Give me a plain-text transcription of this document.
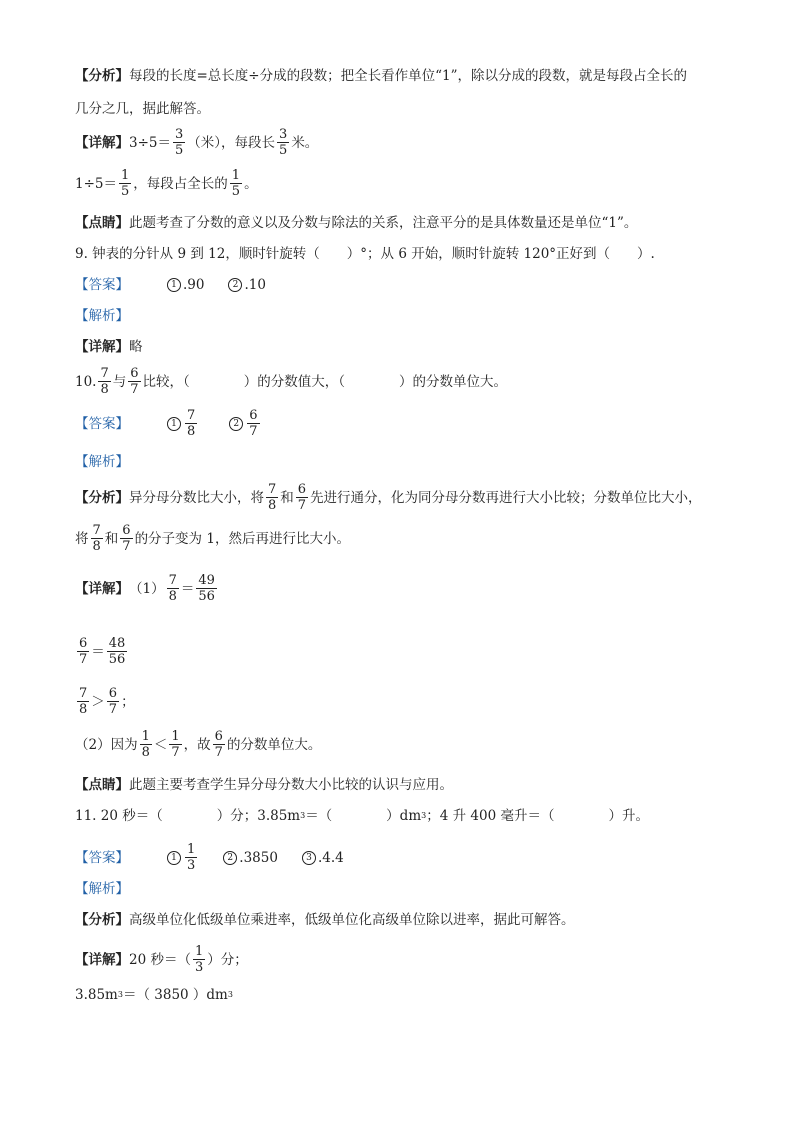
【分析】 每段的长度=总长度÷分成的段数；把全长看作单位“1”，除以分成的段数，就是每段占全长的
几分之几，据此解答。
【详解】 $3\div 5= \frac{3}{5}$ （米），每段长 $\frac{3}{5}$ 米。
$1\div 5= \frac{1}{5}$ ，每段占全长的 $\frac{1}{5}$ 。
【点睛】 此题考查了分数的意义以及分数与除法的关系，注意平分的是具体数量还是单位“1”。
9. 钟表的分针从 9 到 12，顺时针旋转（　　）°；从 6 开始，顺时针旋转 120°正好到（　　）.
【答案】	1 .90	2 .10
【解析】
【详解】 略
10. $\frac{7}{8}$ 与 $\frac{6}{7}$ 比较，（　　　　）的分数值大，（　　　　）的分数单位大。
【答案】	$1 \frac{7}{8}$	$2 \frac{6}{7}$
【解析】
【分析】 异分母分数比大小，将 $\frac{7}{8}$ 和 $\frac{6}{7}$ 先进行通分，化为同分母分数再进行大小比较；分数单位比大小，
将 $\frac{7}{8}$ 和 $\frac{6}{7}$ 的分子变为 1，然后再进行比大小。
【详解】 $(1) \frac{7}{8} = \frac{49}{56}$
$\frac{6}{7} = \frac{48}{56}$
$\frac{7}{8} > \frac{6}{7}$ ；
（2）因为 $\frac{1}{8} < \frac{1}{7}$ ，故 $\frac{6}{7}$ 的分数单位大。
【点睛】 此题主要考查学生异分母分数大小比较的认识与应用。
11. 20 秒＝（　　　　）分；3.85m 3 ＝（　　　　）dm 3 ；4 升 400 毫升＝（　　　　）升。
【答案】	$1 \frac{1}{3}$	2 .3850	3 .4.4
【解析】
【分析】 高级单位化低级单位乘进率，低级单位化高级单位除以进率，据此可解答。
【详解】 20 秒＝（ $\frac{1}{3}$ ）分；
3.85m 3 ＝（ 3850 ）dm 3
